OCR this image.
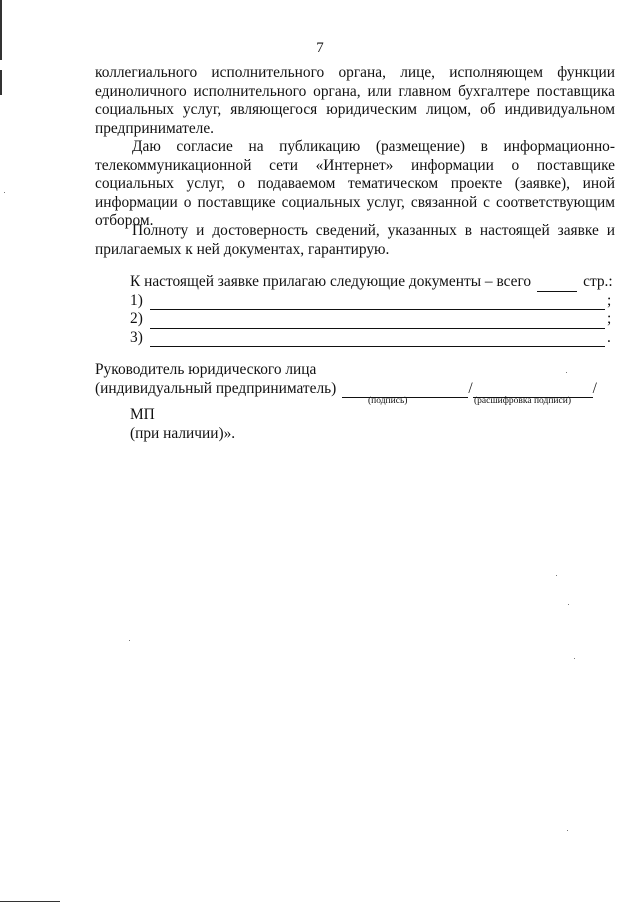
7
коллегиального исполнительного органа, лице, исполняющем функции единоличного исполнительного органа, или главном бухгалтере поставщика социальных услуг, являющегося юридическим лицом, об индивидуальном предпринимателе.
Даю согласие на публикацию (размещение) в информационно-телекоммуникационной сети «Интернет» информации о поставщике социальных услуг, о подаваемом тематическом проекте (заявке), иной информации о поставщике социальных услуг, связанной с соответствующим отбором.
Полноту и достоверность сведений, указанных в настоящей заявке и прилагаемых к ней документах, гарантирую.
К настоящей заявке прилагаю следующие документы – всего	стр.:
1)	;
2)	;
3)	.
Руководитель юридического лица
(индивидуальный предприниматель)	/	/
(подпись)	(расшифровка подписи)
МП
(при наличии)».
